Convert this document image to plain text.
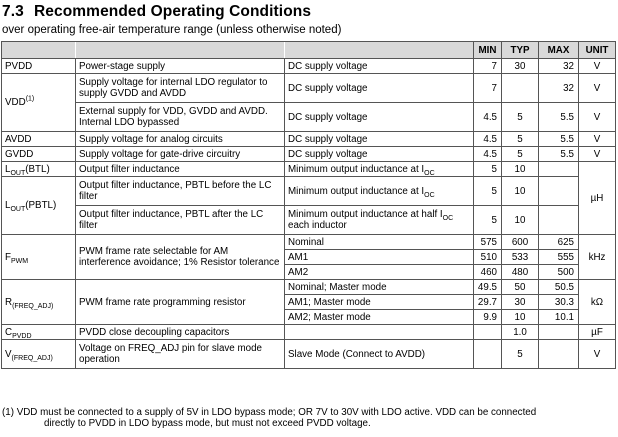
7.3 Recommended Operating Conditions
over operating free-air temperature range (unless otherwise noted)
			MIN	TYP	MAX	UNIT
PVDD	Power-stage supply	DC supply voltage	7	30	32	V
VDD$^{(1)}$	Supply voltage for internal LDO regulator to supply GVDD and AVDD	DC supply voltage	7		32	V
	External supply for VDD, GVDD and AVDD. Internal LDO bypassed	DC supply voltage	4.5	5	5.5	V
AVDD	Supply voltage for analog circuits	DC supply voltage	4.5	5	5.5	V
GVDD	Supply voltage for gate-drive circuitry	DC supply voltage	4.5	5	5.5	V
$L_{OUT}(BTL)$	Output filter inductance	Minimum output inductance at $I_{OC}$	5	10		µH
$L_{OUT}(PBTL)$	Output filter inductance, PBTL before the LC filter	Minimum output inductance at $I_{OC}$	5	10		
	Output filter inductance, PBTL after the LC filter	Minimum output inductance at half $I_{OC}$ each inductor	5	10		
$F_{PWM}$	PWM frame rate selectable for AM interference avoidance; 1% Resistor tolerance	Nominal	575	600	625	kHz
		AM1	510	533	555	
		AM2	460	480	500	
$R_{(FREQ\_ADJ)}$	PWM frame rate programming resistor	Nominal; Master mode	49.5	50	50.5	kΩ
		AM1; Master mode	29.7	30	30.3	
		AM2; Master mode	9.9	10	10.1	
$C_{PVDD}$	PVDD close decoupling capacitors			1.0		µF
$V_{(FREQ\_ADJ)}$	Voltage on FREQ_ADJ pin for slave mode operation	Slave Mode (Connect to AVDD)		5		V
(1) VDD must be connected to a supply of 5V in LDO bypass mode; OR 7V to 30V with LDO active. VDD can be connected
directly to PVDD in LDO bypass mode, but must not exceed PVDD voltage.
